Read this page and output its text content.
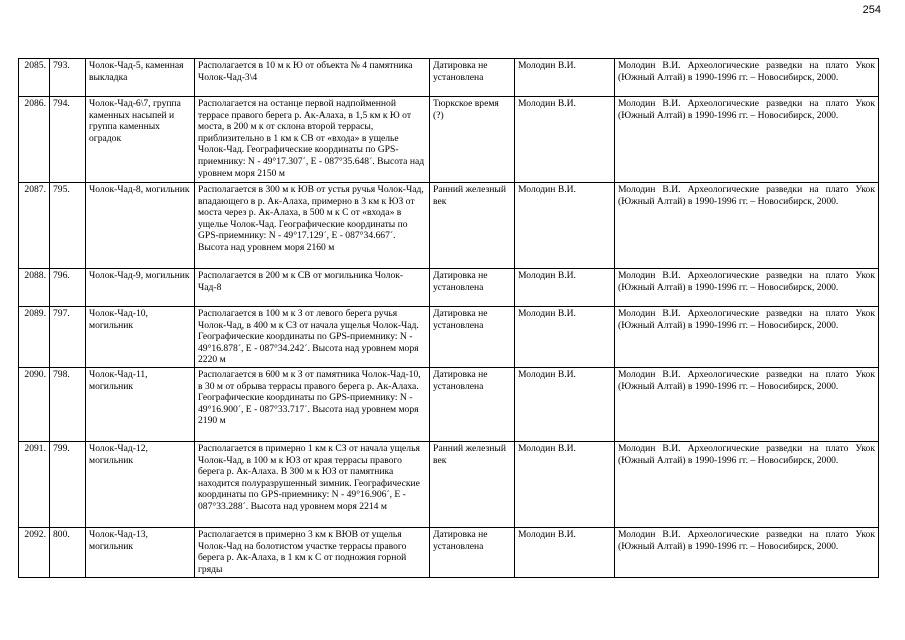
254
2085.	793.	Чолок-Чад-5, каменная выкладка	Располагается в 10 м к Ю от объекта № 4 памятника Чолок-Чад-3\4	Датировка не установлена	Молодин В.И.	Молодин В.И. Археологические разведки на плато Укок (Южный Алтай) в 1990-1996 гг. – Новосибирск, 2000.
2086.	794.	Чолок-Чад-6\7, группа каменных насыпей и группа каменных оградок	Располагается на останце первой надпойменной террасе правого берега р. Ак-Алаха, в 1,5 км к Ю от моста, в 200 м к от склона второй террасы, приблизительно в 1 км к СВ от «входа» в ущелье Чолок-Чад. Географические координаты по GPS-приемнику: N - 49°17.307´, E - 087°35.648´. Высота над уровнем моря 2150 м	Тюркское время (?)	Молодин В.И.	Молодин В.И. Археологические разведки на плато Укок (Южный Алтай) в 1990-1996 гг. – Новосибирск, 2000.
2087.	795.	Чолок-Чад-8, могильник	Располагается в 300 м к ЮВ от устья ручья Чолок-Чад, впадающего в р. Ак-Алаха, примерно в 3 км к ЮЗ от моста через р. Ак-Алаха, в 500 м к С от «входа» в ущелье Чолок-Чад. Географические координаты по GPS-приемнику: N - 49°17.129´, E - 087°34.667´. Высота над уровнем моря 2160 м	Ранний железный век	Молодин В.И.	Молодин В.И. Археологические разведки на плато Укок (Южный Алтай) в 1990-1996 гг. – Новосибирск, 2000.
2088.	796.	Чолок-Чад-9, могильник	Располагается в 200 м к СВ от могильника Чолок-Чад-8	Датировка не установлена	Молодин В.И.	Молодин В.И. Археологические разведки на плато Укок (Южный Алтай) в 1990-1996 гг. – Новосибирск, 2000.
2089.	797.	Чолок-Чад-10, могильник	Располагается в 100 м к З от левого берега ручья Чолок-Чад, в 400 м к СЗ от начала ущелья Чолок-Чад. Географические координаты по GPS-приемнику: N - 49°16.878´, E - 087°34.242´. Высота над уровнем моря 2220 м	Датировка не установлена	Молодин В.И.	Молодин В.И. Археологические разведки на плато Укок (Южный Алтай) в 1990-1996 гг. – Новосибирск, 2000.
2090.	798.	Чолок-Чад-11, могильник	Располагается в 600 м к З от памятника Чолок-Чад-10, в 30 м от обрыва террасы правого берега р. Ак-Алаха. Географические координаты по GPS-приемнику: N - 49°16.900´, E - 087°33.717´. Высота над уровнем моря 2190 м	Датировка не установлена	Молодин В.И.	Молодин В.И. Археологические разведки на плато Укок (Южный Алтай) в 1990-1996 гг. – Новосибирск, 2000.
2091.	799.	Чолок-Чад-12, могильник	Располагается в примерно 1 км к СЗ от начала ущелья Чолок-Чад, в 100 м к ЮЗ от края террасы правого берега р. Ак-Алаха. В 300 м к ЮЗ от памятника находится полуразрушенный зимник. Географические координаты по GPS-приемнику: N - 49°16.906´, E - 087°33.288´. Высота над уровнем моря 2214 м	Ранний железный век	Молодин В.И.	Молодин В.И. Археологические разведки на плато Укок (Южный Алтай) в 1990-1996 гг. – Новосибирск, 2000.
2092.	800.	Чолок-Чад-13, могильник	Располагается в примерно 3 км к ВЮВ от ущелья Чолок-Чад на болотистом участке террасы правого берега р. Ак-Алаха, в 1 км к С от подножия горной гряды	Датировка не установлена	Молодин В.И.	Молодин В.И. Археологические разведки на плато Укок (Южный Алтай) в 1990-1996 гг. – Новосибирск, 2000.
